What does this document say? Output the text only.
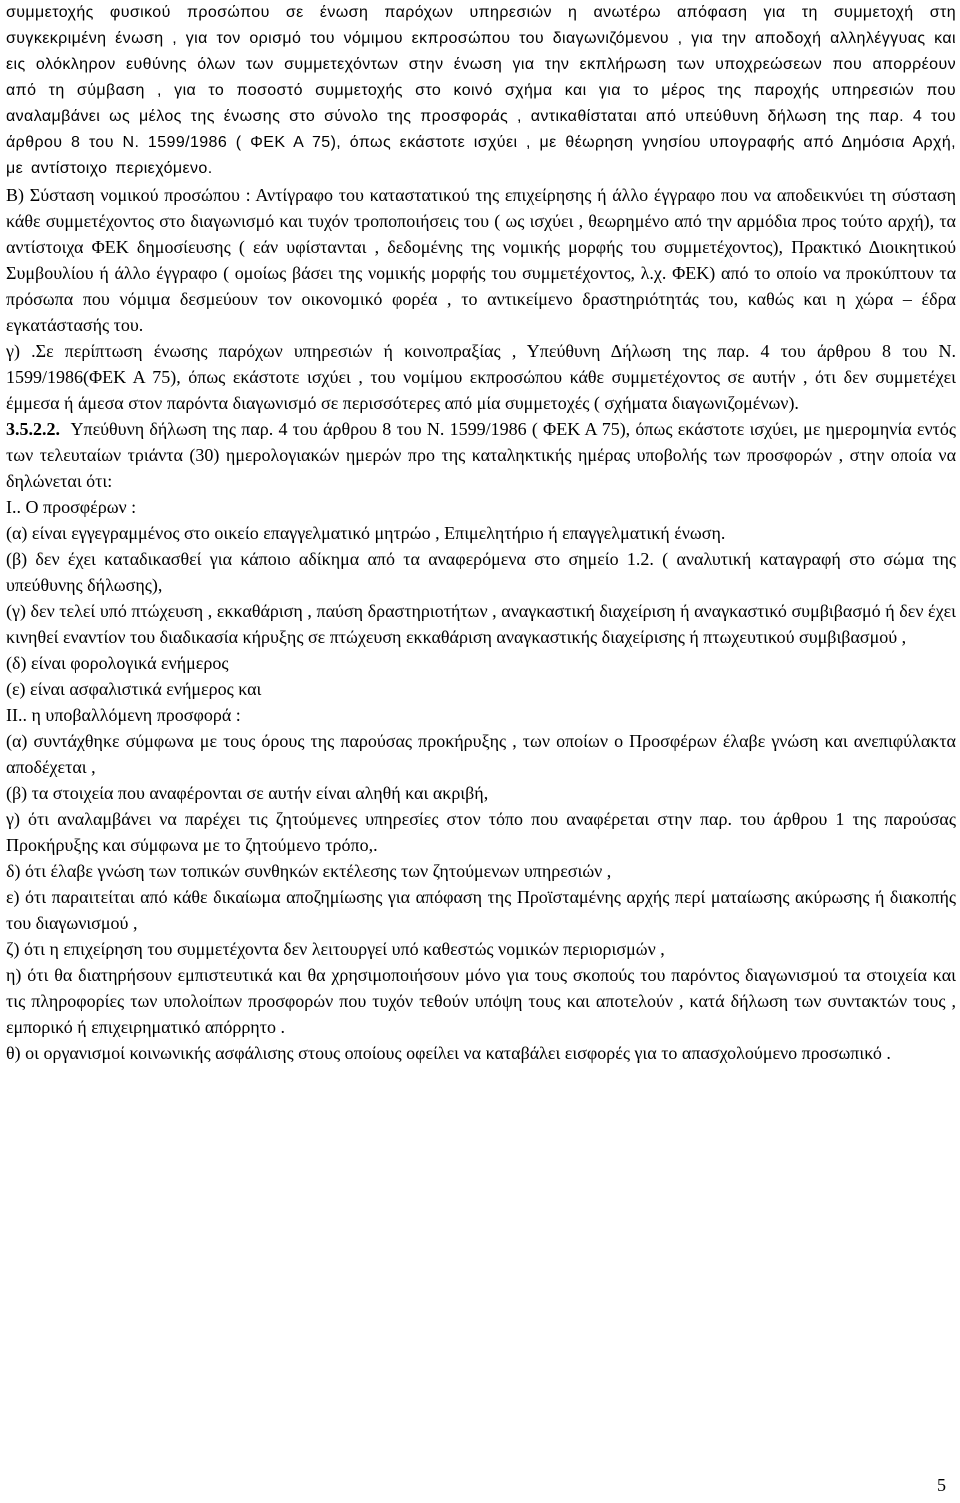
συμμετοχής φυσικού προσώπου σε ένωση παρόχων υπηρεσιών η ανωτέρω απόφαση για τη συμμετοχή στη συγκεκριμένη ένωση , για τον ορισμό του νόμιμου εκπροσώπου του διαγωνιζόμενου , για την αποδοχή αλληλέγγυας και εις ολόκληρον ευθύνης όλων των συμμετεχόντων στην ένωση για την εκπλήρωση των υποχρεώσεων που απορρέουν από τη σύμβαση , για το ποσοστό συμμετοχής στο κοινό σχήμα και για το μέρος της παροχής υπηρεσιών που αναλαμβάνει ως μέλος της ένωσης στο σύνολο της προσφοράς , αντικαθίσταται από υπεύθυνη δήλωση της παρ. 4 του άρθρου 8 του Ν. 1599/1986 ( ΦΕΚ Α 75), όπως εκάστοτε ισχύει , με θέωρηση γνησίου υπογραφής από Δημόσια Αρχή, με αντίστοιχο περιεχόμενο.

Β) Σύσταση νομικού προσώπου : Αντίγραφο του καταστατικού της επιχείρησης ή άλλο έγγραφο που να αποδεικνύει τη σύσταση κάθε συμμετέχοντος στο διαγωνισμό και τυχόν τροποποιήσεις του ( ως ισχύει , θεωρημένο από την αρμόδια προς τούτο αρχή), τα αντίστοιχα ΦΕΚ δημοσίευσης ( εάν υφίστανται , δεδομένης της νομικής μορφής του συμμετέχοντος), Πρακτικό Διοικητικού Συμβουλίου ή άλλο έγγραφο ( ομοίως βάσει της νομικής μορφής του συμμετέχοντος, λ.χ. ΦΕΚ) από το οποίο να προκύπτουν τα πρόσωπα που νόμιμα δεσμεύουν τον οικονομικό φορέα , το αντικείμενο δραστηριότητάς του, καθώς και η χώρα – έδρα εγκατάστασής του.

γ) .Σε περίπτωση ένωσης παρόχων υπηρεσιών ή κοινοπραξίας , Υπεύθυνη Δήλωση της παρ. 4 του άρθρου 8 του Ν. 1599/1986(ΦΕΚ Α 75), όπως εκάστοτε ισχύει , του νομίμου εκπροσώπου κάθε συμμετέχοντος σε αυτήν , ότι δεν συμμετέχει έμμεσα ή άμεσα στον παρόντα διαγωνισμό σε περισσότερες από μία συμμετοχές ( σχήματα διαγωνιζομένων).

3.5.2.2. Υπεύθυνη δήλωση της παρ. 4 του άρθρου 8 του Ν. 1599/1986 ( ΦΕΚ Α 75), όπως εκάστοτε ισχύει, με ημερομηνία εντός των τελευταίων τριάντα (30) ημερολογιακών ημερών προ της καταληκτικής ημέρας υποβολής των προσφορών , στην οποία να δηλώνεται ότι:

Ι.. Ο προσφέρων :

(α) είναι εγγεγραμμένος στο οικείο επαγγελματικό μητρώο , Επιμελητήριο ή επαγγελματική ένωση.

(β) δεν έχει καταδικασθεί για κάποιο αδίκημα από τα αναφερόμενα στο σημείο 1.2. ( αναλυτική καταγραφή στο σώμα της υπεύθυνης δήλωσης),

(γ) δεν τελεί υπό πτώχευση , εκκαθάριση , παύση δραστηριοτήτων , αναγκαστική διαχείριση ή αναγκαστικό συμβιβασμό ή δεν έχει κινηθεί εναντίον του διαδικασία κήρυξης σε πτώχευση εκκαθάριση αναγκαστικής διαχείρισης ή πτωχευτικού συμβιβασμού ,

(δ) είναι φορολογικά ενήμερος

(ε) είναι ασφαλιστικά ενήμερος και

ΙΙ.. η υποβαλλόμενη προσφορά :

(α) συντάχθηκε σύμφωνα με τους όρους της παρούσας προκήρυξης , των οποίων ο Προσφέρων έλαβε γνώση και ανεπιφύλακτα αποδέχεται ,

(β) τα στοιχεία που αναφέρονται σε αυτήν είναι αληθή και ακριβή,

γ) ότι αναλαμβάνει να παρέχει τις ζητούμενες υπηρεσίες στον τόπο που αναφέρεται στην παρ. του άρθρου 1 της παρούσας Προκήρυξης και σύμφωνα με το ζητούμενο τρόπο,.

δ) ότι έλαβε γνώση των τοπικών συνθηκών εκτέλεσης των ζητούμενων υπηρεσιών ,

ε) ότι παραιτείται από κάθε δικαίωμα αποζημίωσης για απόφαση της Προϊσταμένης αρχής περί ματαίωσης ακύρωσης ή διακοπής του διαγωνισμού ,

ζ) ότι η επιχείρηση του συμμετέχοντα δεν λειτουργεί υπό καθεστώς νομικών περιορισμών ,

η) ότι θα διατηρήσουν εμπιστευτικά και θα χρησιμοποιήσουν μόνο για τους σκοπούς του παρόντος διαγωνισμού τα στοιχεία και τις πληροφορίες των υπολοίπων προσφορών που τυχόν τεθούν υπόψη τους και αποτελούν , κατά δήλωση των συντακτών τους , εμπορικό ή επιχειρηματικό απόρρητο .

θ) οι οργανισμοί κοινωνικής ασφάλισης στους οποίους οφείλει να καταβάλει εισφορές για το απασχολούμενο προσωπικό .

5
